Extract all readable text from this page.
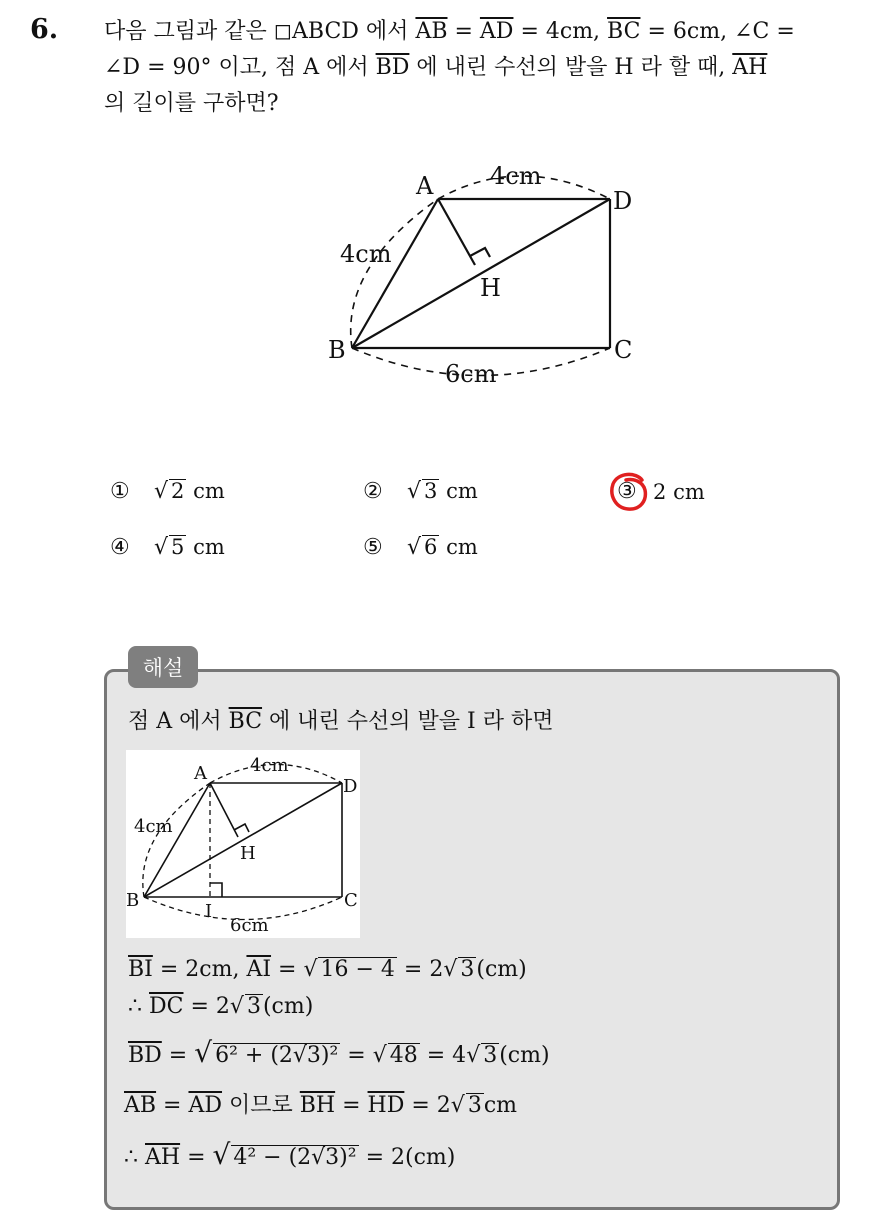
6. 다음 그림과 같은 ◻ABCD 에서 $\overline{AB} = \overline{AD} = 4cm$, $\overline{BC} = 6cm$, ∠C =
∠D = 90° 이고, 점 A 에서 $\overline{BD}$ 에 내린 수선의 발을 H 라 할 때, $\overline{AH}$
의 길이를 구하면?
A
D
B	C
H
4cm
4cm
6cm
① √ 2 cm	② √ 3 cm	③ 2 cm
④ √ 5 cm	⑤ √ 6 cm
해설
점 A 에서 $\overline{BC}$ 에 내린 수선의 발을 I 라 하면
A
D
B	C
H
I
4cm
4cm
6cm
$\overline{BI} = 2cm$, $\overline{AI}$ = √ 16 − 4 = 2√ 3(cm)
∴ $\overline{DC} = 2√$ 3(cm)
$\overline{BD}$ = √ 6² + (2√3)² = √ 48 = 4√ 3(cm)
$\overline{AB} = \overline{AD}$ 이므로 $\overline{BH} = \overline{HD} = 2√$ 3cm
∴ $\overline{AH}$ = √ 4² − (2√3)² = 2(cm)
